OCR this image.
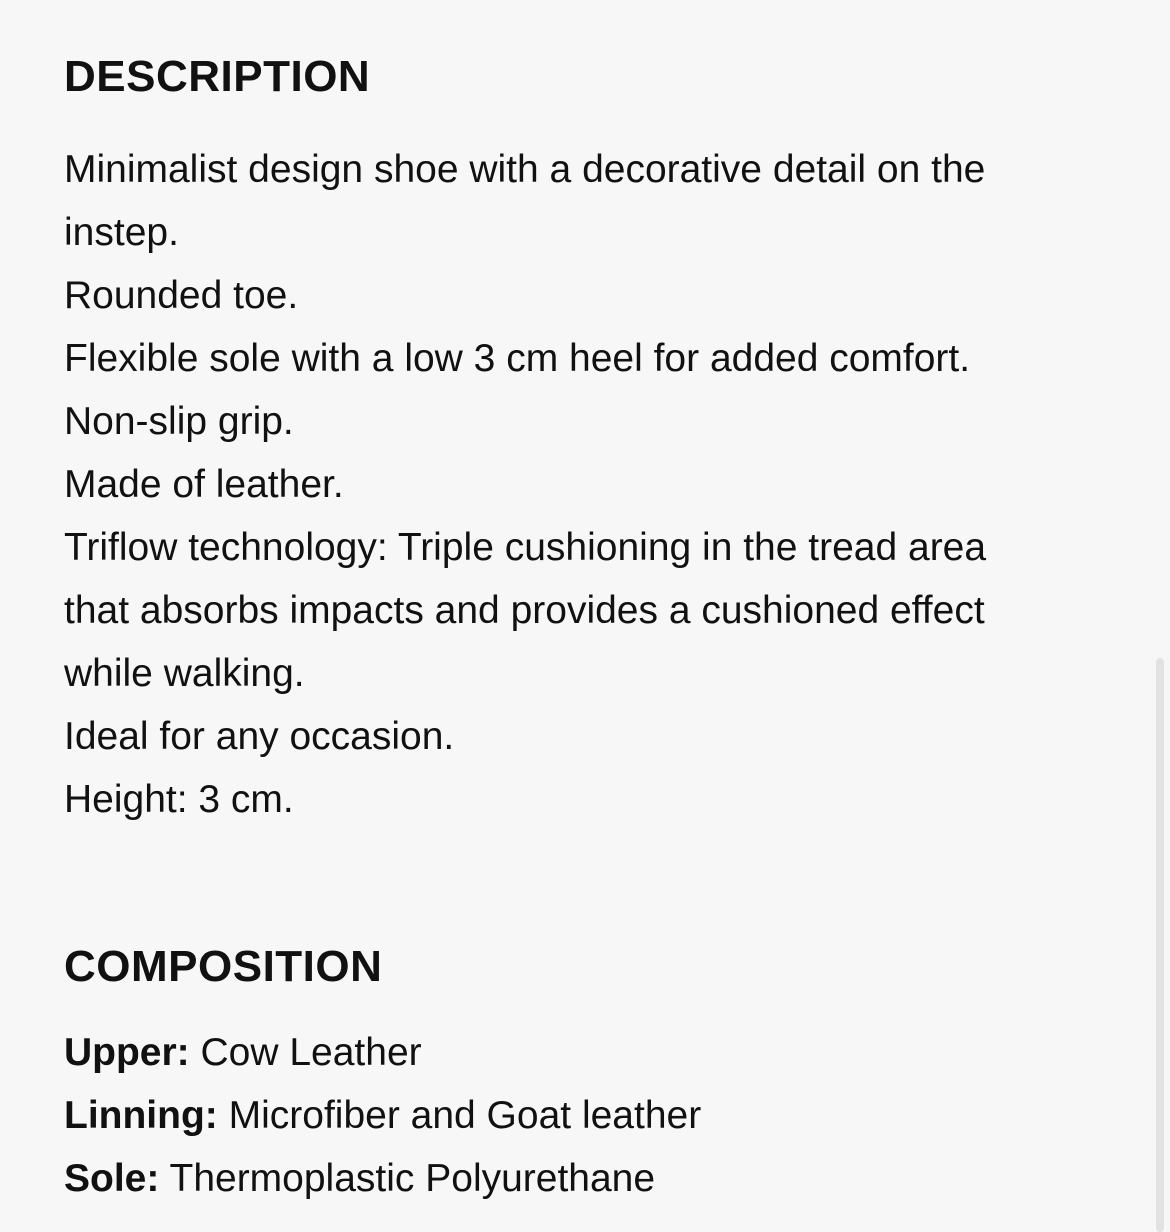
DESCRIPTION

Minimalist design shoe with a decorative detail on the

instep.

Rounded toe.

Flexible sole with a low 3 cm heel for added comfort.

Non-slip grip.

Made of leather.

Triflow technology: Triple cushioning in the tread area

that absorbs impacts and provides a cushioned effect

while walking.

Ideal for any occasion.

Height: 3 cm.

COMPOSITION
Upper: Cow Leather
Linning: Microfiber and Goat leather
Sole: Thermoplastic Polyurethane
